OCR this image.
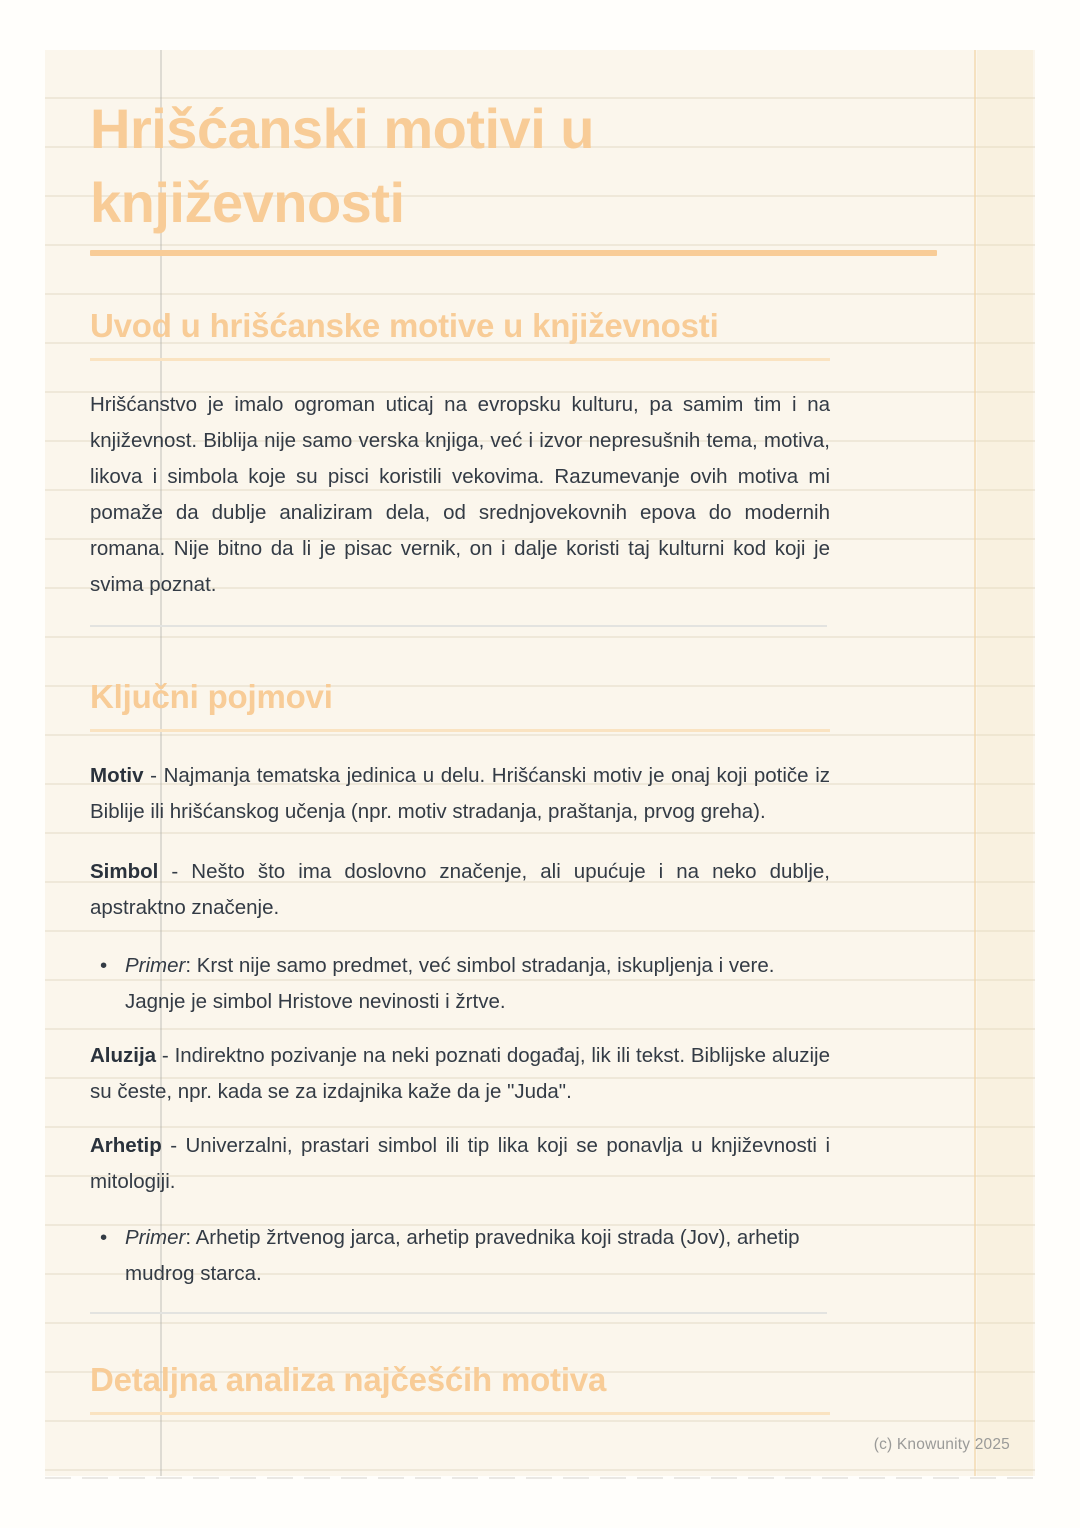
Hrišćanski motivi u književnosti
Uvod u hrišćanske motive u književnosti

Hrišćanstvo je imalo ogroman uticaj na evropsku kulturu, pa samim tim i na književnost. Biblija nije samo verska knjiga, već i izvor nepresušnih tema, motiva, likova i simbola koje su pisci koristili vekovima. Razumevanje ovih motiva mi pomaže da dublje analiziram dela, od srednjovekovnih epova do modernih romana. Nije bitno da li je pisac vernik, on i dalje koristi taj kulturni kod koji je svima poznat.

Ključni pojmovi

Motiv - Najmanja tematska jedinica u delu. Hrišćanski motiv je onaj koji potiče iz Biblije ili hrišćanskog učenja (npr. motiv stradanja, praštanja, prvog greha).

Simbol - Nešto što ima doslovno značenje, ali upućuje i na neko dublje, apstraktno značenje.

• Primer: Krst nije samo predmet, već simbol stradanja, iskupljenja i vere. Jagnje je simbol Hristove nevinosti i žrtve.

Aluzija - Indirektno pozivanje na neki poznati događaj, lik ili tekst. Biblijske aluzije su česte, npr. kada se za izdajnika kaže da je "Juda".

Arhetip - Univerzalni, prastari simbol ili tip lika koji se ponavlja u književnosti i mitologiji.

• Primer: Arhetip žrtvenog jarca, arhetip pravednika koji strada (Jov), arhetip mudrog starca.
Detaljna analiza najčešćih motiva
(c) Knowunity 2025
